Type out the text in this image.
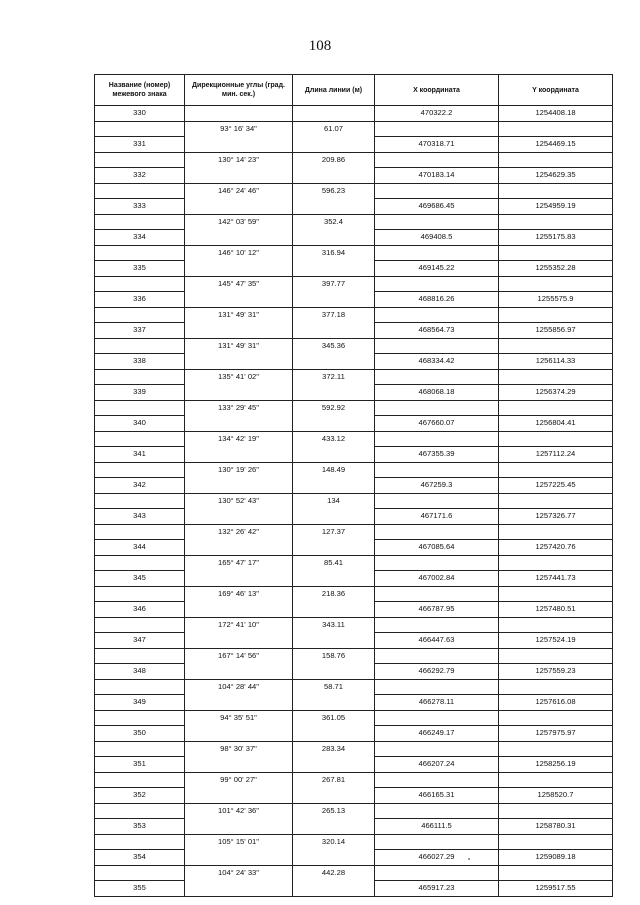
108
Название (номер) межевого знака	Дирекционные углы (град. мин. сек.)	Длина линии (м)	X координата	Y координата
330			470322.2	1254408.18
	93° 16' 34"	61.07		
331			470318.71	1254469.15
	130° 14' 23"	209.86		
332			470183.14	1254629.35
	146° 24' 46"	596.23		
333			469686.45	1254959.19
	142° 03' 59"	352.4		
334			469408.5	1255175.83
	146° 10' 12"	316.94		
335			469145.22	1255352.28
	145° 47' 35"	397.77		
336			468816.26	1255575.9
	131° 49' 31"	377.18		
337			468564.73	1255856.97
	131° 49' 31"	345.36		
338			468334.42	1256114.33
	135° 41' 02"	372.11		
339			468068.18	1256374.29
	133° 29' 45"	592.92		
340			467660.07	1256804.41
	134° 42' 19"	433.12		
341			467355.39	1257112.24
	130° 19' 26"	148.49		
342			467259.3	1257225.45
	130° 52' 43"	134		
343			467171.6	1257326.77
	132° 26' 42"	127.37		
344			467085.64	1257420.76
	165° 47' 17"	85.41		
345			467002.84	1257441.73
	169° 46' 13"	218.36		
346			466787.95	1257480.51
	172° 41' 10"	343.11		
347			466447.63	1257524.19
	167° 14' 56"	158.76		
348			466292.79	1257559.23
	104° 28' 44"	58.71		
349			466278.11	1257616.08
	94° 35' 51"	361.05		
350			466249.17	1257975.97
	98° 30' 37"	283.34		
351			466207.24	1258256.19
	99° 00' 27"	267.81		
352			466165.31	1258520.7
	101° 42' 36"	265.13		
353			466111.5	1258780.31
	105° 15' 01"	320.14		
354			466027.29	1259089.18
	104° 24' 33"	442.28		
355			465917.23	1259517.55
